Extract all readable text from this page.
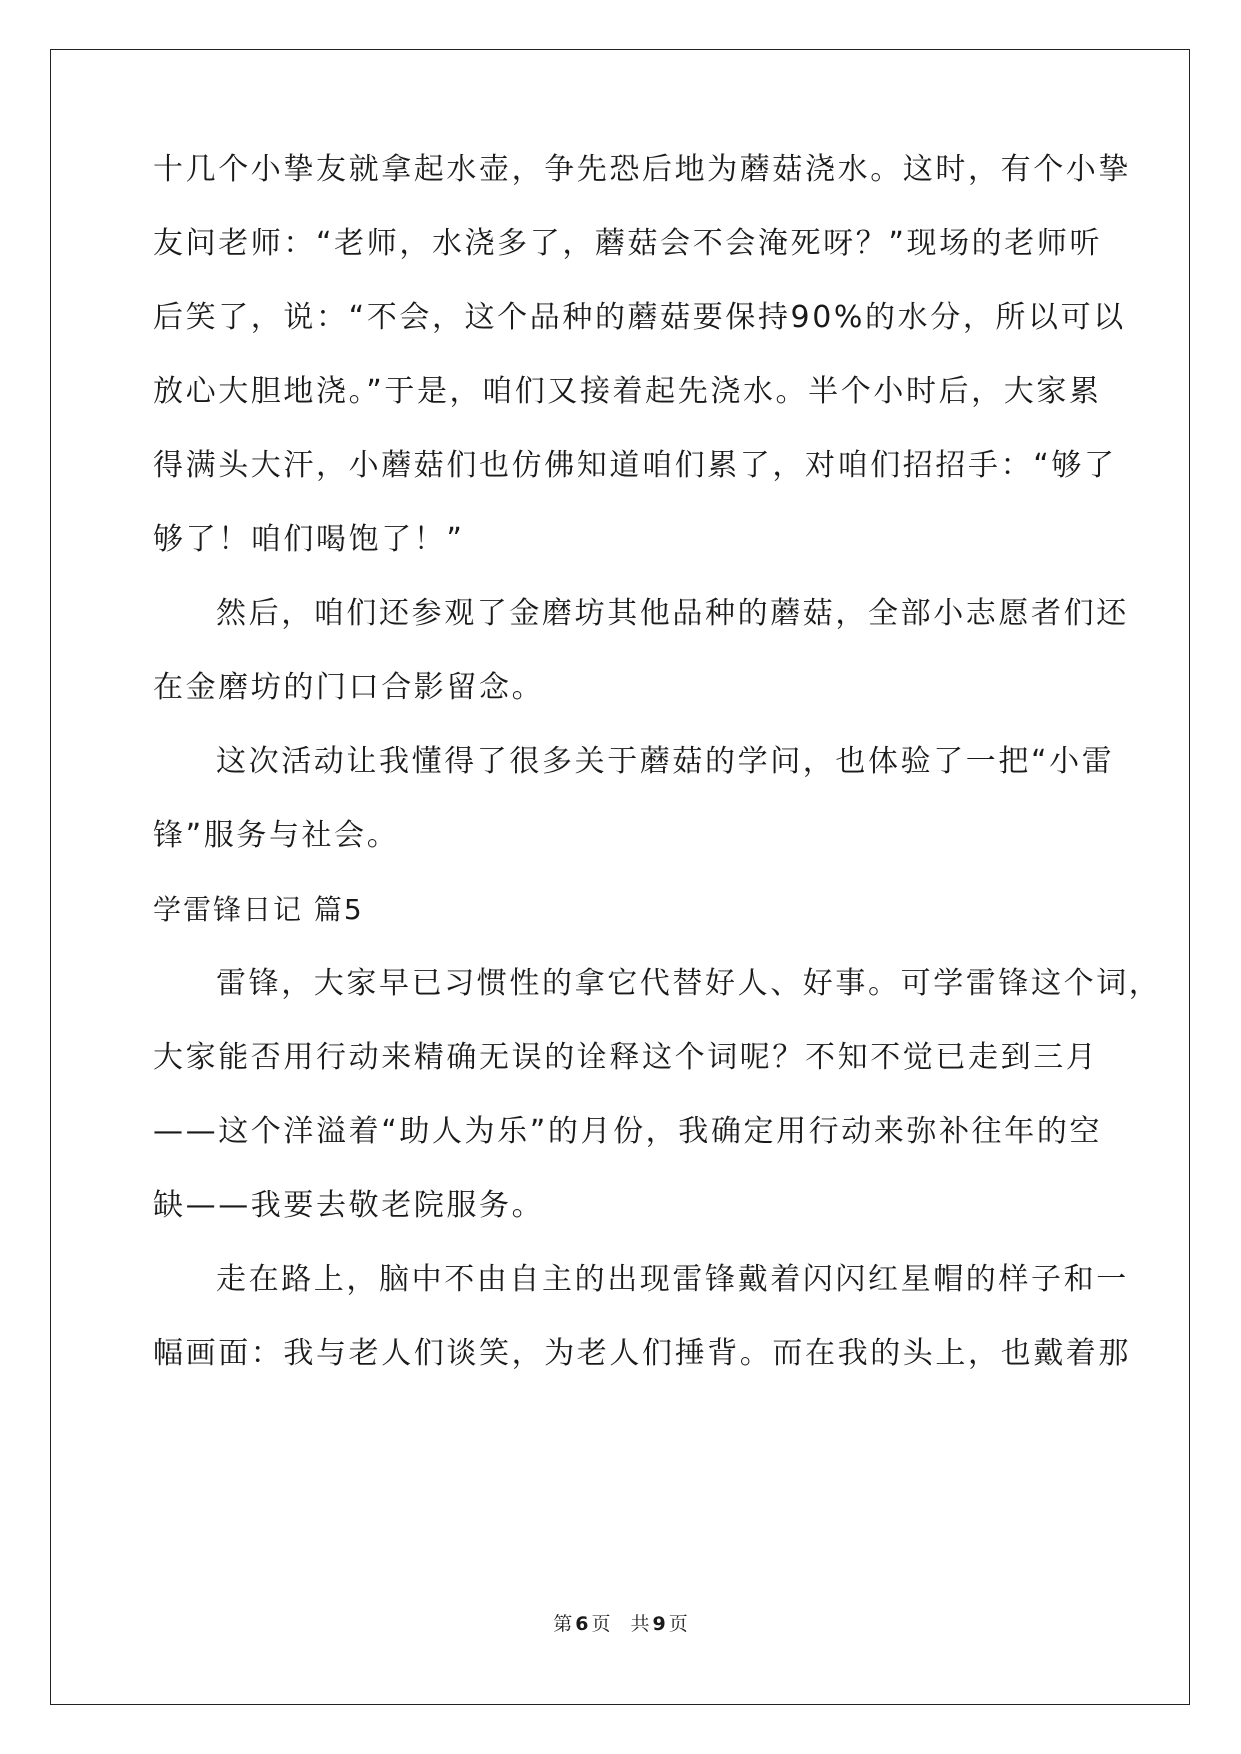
十几个小挚友就拿起水壶，争先恐后地为蘑菇浇水。这时，有个小挚
友问老师：“老师，水浇多了，蘑菇会不会淹死呀？”现场的老师听
后笑了，说：“不会，这个品种的蘑菇要保持90%的水分，所以可以
放心大胆地浇。”于是，咱们又接着起先浇水。半个小时后，大家累
得满头大汗，小蘑菇们也仿佛知道咱们累了，对咱们招招手：“够了
够了！咱们喝饱了！”
然后，咱们还参观了金磨坊其他品种的蘑菇，全部小志愿者们还
在金磨坊的门口合影留念。
这次活动让我懂得了很多关于蘑菇的学问，也体验了一把“小雷
锋”服务与社会。
学雷锋日记 篇5
雷锋，大家早已习惯性的拿它代替好人、好事。可学雷锋这个词，
大家能否用行动来精确无误的诠释这个词呢？不知不觉已走到三月
——这个洋溢着“助人为乐”的月份，我确定用行动来弥补往年的空
缺——我要去敬老院服务。
走在路上，脑中不由自主的出现雷锋戴着闪闪红星帽的样子和一
幅画面：我与老人们谈笑，为老人们捶背。而在我的头上，也戴着那
第 6 页 共 9 页
